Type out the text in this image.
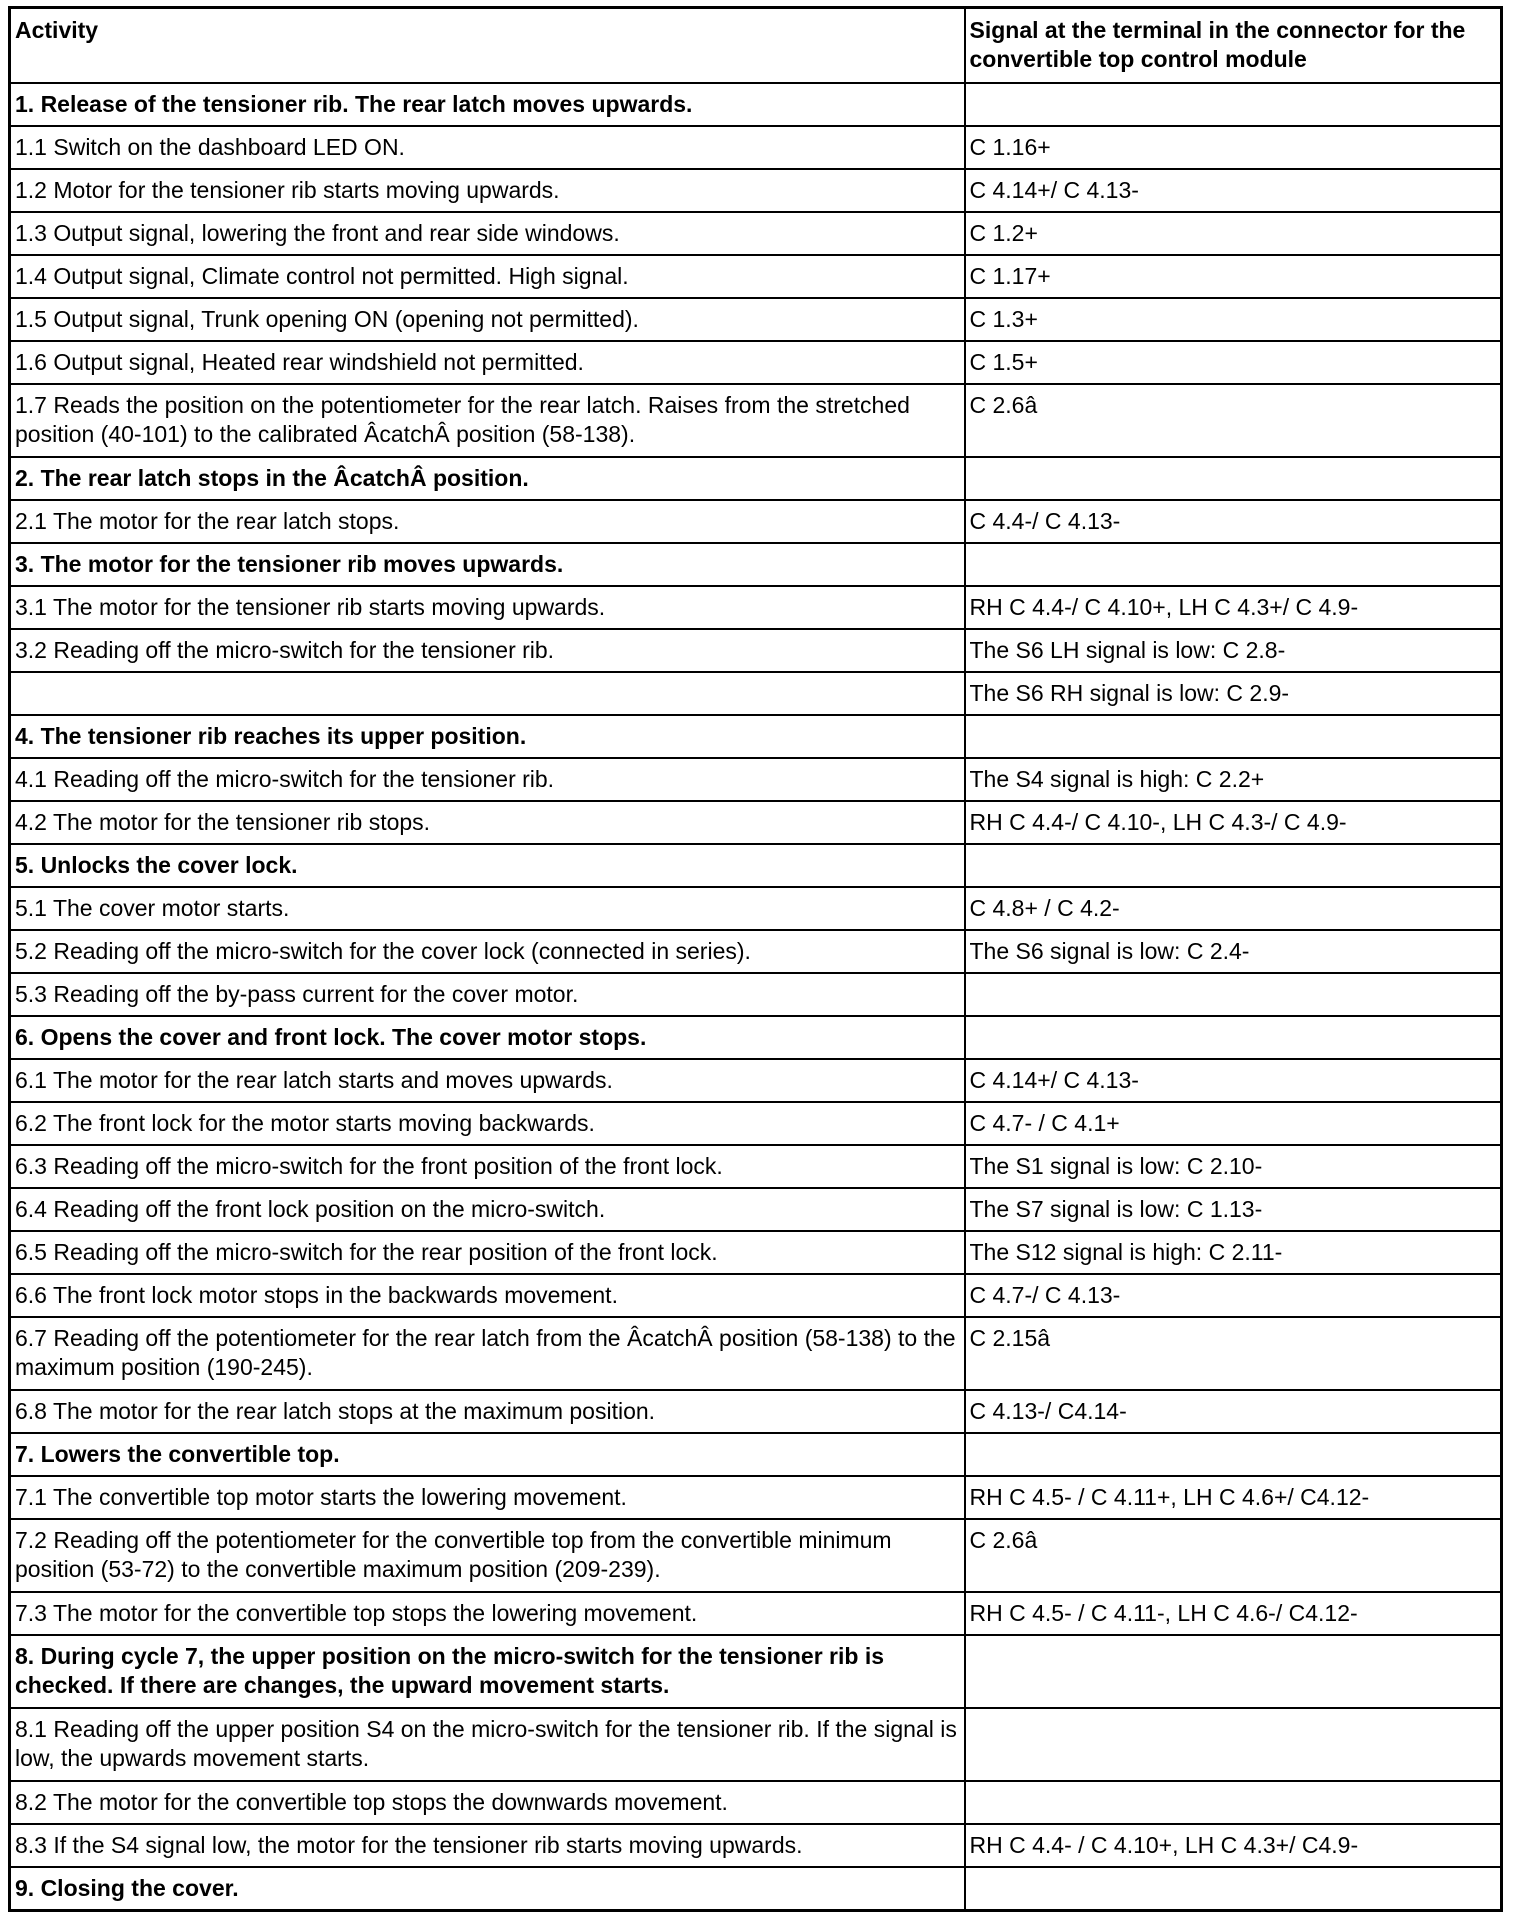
Activity	Signal at the terminal in the connector for the convertible top control module
1. Release of the tensioner rib. The rear latch moves upwards.	
1.1 Switch on the dashboard LED ON.	C 1.16+
1.2 Motor for the tensioner rib starts moving upwards.	C 4.14+/ C 4.13-
1.3 Output signal, lowering the front and rear side windows.	C 1.2+
1.4 Output signal, Climate control not permitted. High signal.	C 1.17+
1.5 Output signal, Trunk opening ON (opening not permitted).	C 1.3+
1.6 Output signal, Heated rear windshield not permitted.	C 1.5+
1.7 Reads the position on the potentiometer for the rear latch. Raises from the stretched position (40-101) to the calibrated ÂcatchÂ position (58-138).	C 2.6â
2. The rear latch stops in the ÂcatchÂ position.	
2.1 The motor for the rear latch stops.	C 4.4-/ C 4.13-
3. The motor for the tensioner rib moves upwards.	
3.1 The motor for the tensioner rib starts moving upwards.	RH C 4.4-/ C 4.10+, LH C 4.3+/ C 4.9-
3.2 Reading off the micro-switch for the tensioner rib.	The S6 LH signal is low: C 2.8-
	The S6 RH signal is low: C 2.9-
4. The tensioner rib reaches its upper position.	
4.1 Reading off the micro-switch for the tensioner rib.	The S4 signal is high: C 2.2+
4.2 The motor for the tensioner rib stops.	RH C 4.4-/ C 4.10-, LH C 4.3-/ C 4.9-
5. Unlocks the cover lock.	
5.1 The cover motor starts.	C 4.8+ / C 4.2-
5.2 Reading off the micro-switch for the cover lock (connected in series).	The S6 signal is low: C 2.4-
5.3 Reading off the by-pass current for the cover motor.	
6. Opens the cover and front lock. The cover motor stops.	
6.1 The motor for the rear latch starts and moves upwards.	C 4.14+/ C 4.13-
6.2 The front lock for the motor starts moving backwards.	C 4.7- / C 4.1+
6.3 Reading off the micro-switch for the front position of the front lock.	The S1 signal is low: C 2.10-
6.4 Reading off the front lock position on the micro-switch.	The S7 signal is low: C 1.13-
6.5 Reading off the micro-switch for the rear position of the front lock.	The S12 signal is high: C 2.11-
6.6 The front lock motor stops in the backwards movement.	C 4.7-/ C 4.13-
6.7 Reading off the potentiometer for the rear latch from the ÂcatchÂ position (58-138) to the maximum position (190-245).	C 2.15â
6.8 The motor for the rear latch stops at the maximum position.	C 4.13-/ C4.14-
7. Lowers the convertible top.	
7.1 The convertible top motor starts the lowering movement.	RH C 4.5- / C 4.11+, LH C 4.6+/ C4.12-
7.2 Reading off the potentiometer for the convertible top from the convertible minimum position (53-72) to the convertible maximum position (209-239).	C 2.6â
7.3 The motor for the convertible top stops the lowering movement.	RH C 4.5- / C 4.11-, LH C 4.6-/ C4.12-
8. During cycle 7, the upper position on the micro-switch for the tensioner rib is checked. If there are changes, the upward movement starts.	
8.1 Reading off the upper position S4 on the micro-switch for the tensioner rib. If the signal is low, the upwards movement starts.	
8.2 The motor for the convertible top stops the downwards movement.	
8.3 If the S4 signal low, the motor for the tensioner rib starts moving upwards.	RH C 4.4- / C 4.10+, LH C 4.3+/ C4.9-
9. Closing the cover.	
